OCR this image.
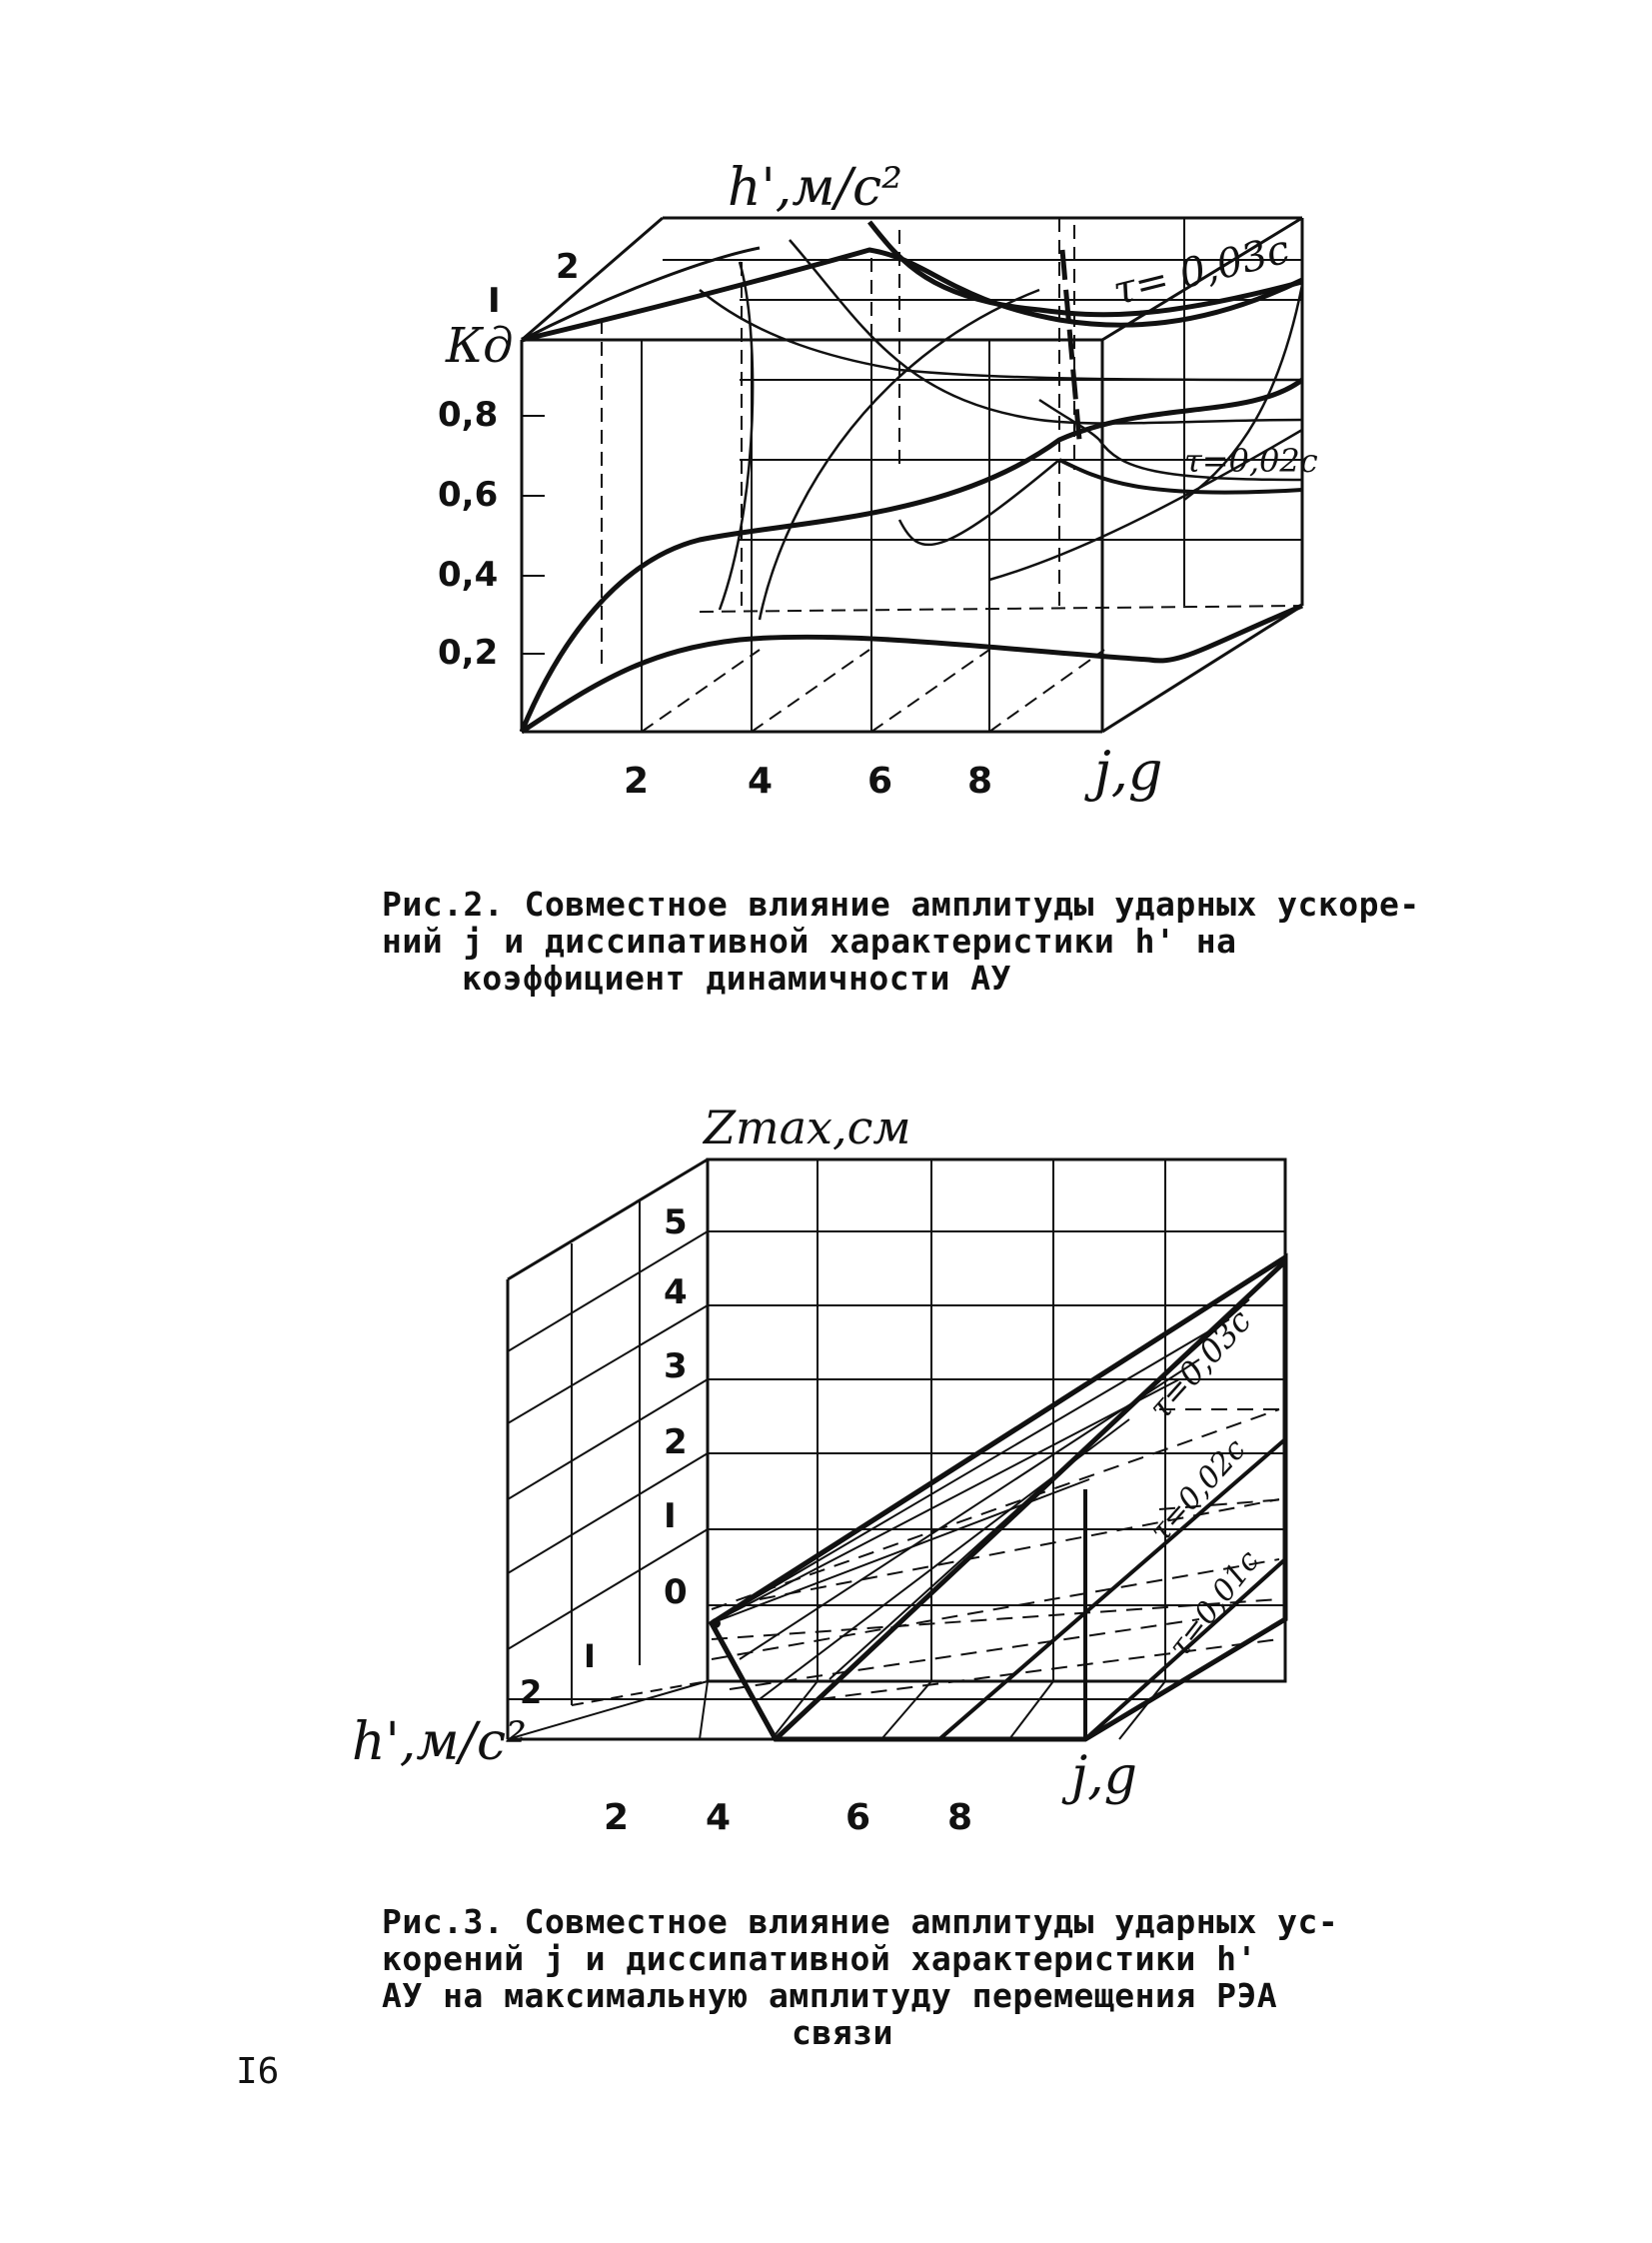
h',м/с²
Кд
j,g
2
I
0,8
0,6
0,4
0,2
2	4	6 8
τ= 0,03с
τ=0,02с

Рис.2. Совместное влияние амплитуды ударных ускоре-
ний j и диссипативной характеристики h' на
коэффициент динамичности АУ

Zmax,см
h',м/с²
j,g
5
4
3
2
I
0
2
I
2 4	6 8
τ=0,03с
τ=0,02с
τ=0,01с

Рис.3. Совместное влияние амплитуды ударных ус-
корений j и диссипативной характеристики h'
АУ на максимальную амплитуду перемещения РЭА
связи

I6
